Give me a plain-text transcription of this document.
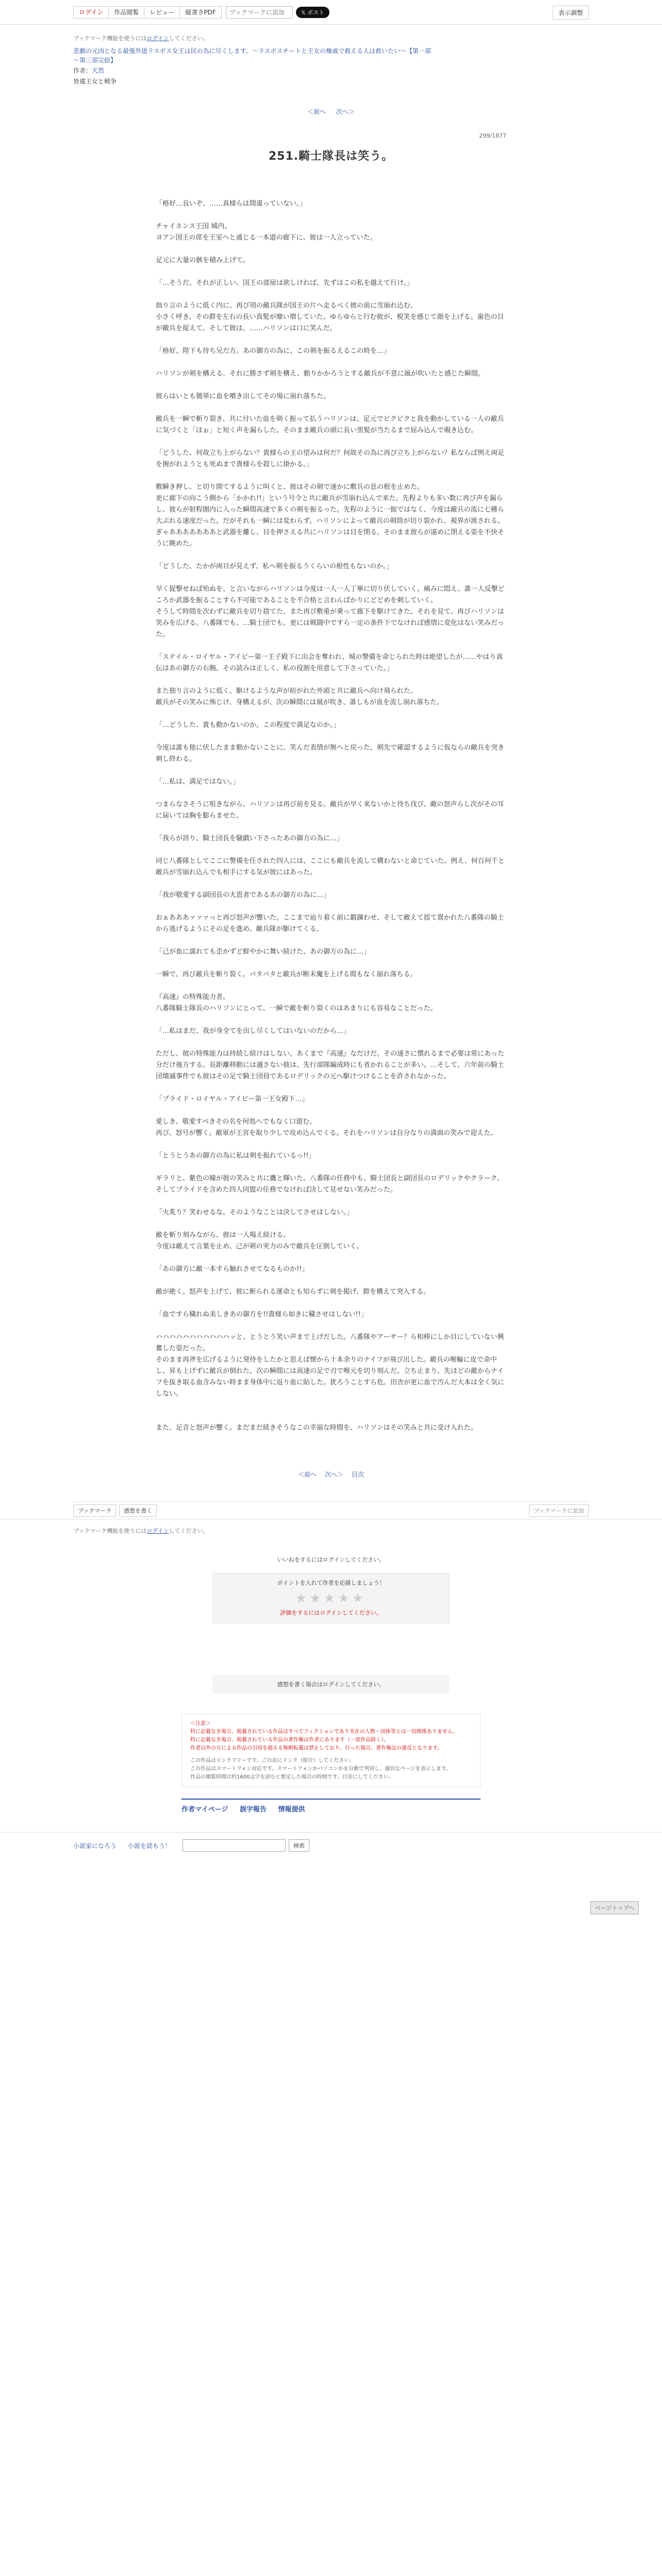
ログイン	作品閲覧	レビュー	縦書きPDF
ブックマークに追加	𝕏 ポスト	表示調整
ブックマーク機能を使うにはログインしてください。
悲劇の元凶となる最強外道ラスボス女王は民の為に尽くします。～ラスボスチートと王女の権威で救える人は救いたい～【第一部～第三部完結】
作者：天然
皆違王女と戦争
＜前へ 次へ＞
299/1877
251.騎士隊長は笑う。

「格好…良いぞ、……真様らは間違っていない。」

チャイネンス王国 城内。
ヨアン国王の席を王室へと通じる一本道の廊下に、彼は一人立っていた。

足元に大量の骸を積み上げて。

「…そうだ。それが正しい。国王の部屋は欲しければ、先ずはこの私を越えて行け。」

拙り言のように低く内に、再び別の敵兵隊が国王の片へ走るべく彼の前に雪崩れ込む。
小さく呼き、その群を左右の長い真髪が靡い増していた。ゆらゆらと行む彼が、税笑を感じて顔を上げる。歯色の目が敵兵を捉えて、そして彼は、……ハリソンは口に笑んだ。

「格好、陛下も待ち兄だ方。あの御方の為に、この剣を振るえるこの時を…」

ハリソンが剣を構える。それに勝さず剣を構え、動りかかろうとする敵兵が不意に風が吹いたと感じた瞬間。

彼らはいとも簡単に血を噴き出してその場に崩れ落ちた。

敵兵を一瞬で斬り裂き、共に付いた血を剣く振って払うハリソンは、足元でビクビクと我を動かしている一人の敵兵に気づくと「ほぉ」と短く声を漏らした。そのまま敵兵の頭に長い黒髪が当たるまで屈み込んで覗き込む。

「どうした、何故立ち上がらない？貴様らの主の望みは何だ？何故その為に再び立ち上がらない？私ならば例え両足を捥がれようとも死ぬまで貴様らを殺しに掛かる。」

敷瞬き押し、と切り開てするように叫くと、彼はその剣で速かに敷兵の息の根を止めた。
更に廊下の向こう側から「かかれ!!」という号令と共に敵兵が雪崩れ込んで来た。先程よりも多い数に再び声を漏らし、彼らが射程圏内に入った瞬間高速で多くの剣を振るった。先程のように一振ではなく、今度は敵兵の流に七種ら大ぶれる速度だった。だがそれも一瞬には変わらず、ハリソンによって敵兵の剣筒が切り裂かれ、視界が渡される。
ぎゃあああああああと武器を離し、目を押さえる共にハリソンは目を閉る。そのまま彼らが遠めに閉える姿を不快そうに眺めた。

「どうした、たかが両目が見えず、私へ剣を振るうくらいの根性もないのか。」

早く捉撃せねば殆ぬを、と言いながらハリソンは今度は一人一人丁寧に切り伏していく。痛みに悶え、誰一人反撃どころか武器を振ることすら不可能であることを不合格と言わんばかりにどどめを刺していく。
そうして時間を次わずに敵兵を切り捨てた、また再び敷重が乗って廊下を駆けてきた。それを見て、再びハリソンは笑みを広げる。八番隊でも、…騎士団でも、更には戦闘中ですら一定の条件下でなければ感情に変化はない笑みだった。

「ステイル・ロイヤル・アイビー第一王子殿下に出会を奪われ、城の警備を命じられた時は絶望したが……やはり真伝はあの御方の右腕。その読みは正しく、私の役割を用意して下さっていた。」

また独り言のように低く、駆けるような声が紡がれた外頭と共に敵兵へ向け飛られた。
敵兵がその笑みに怖じけ、身構えるが、次の瞬間には風が吹き、誰しもが血を流し崩れ落ちた。

「…どうした、貴も動かないのか。この程度で満足なのか。」

今度は誰も他に伏したまま動かないことに、笑んだ表情が無へと戻った。剣先で確認するように仮ならの敵兵を突き刺し終わる。

「…私は、満足ではない。」

つまらなさそうに咀きながら、ハリソンは再び前を見る。敵兵が早く来ないかと待ち伐び、敵の怒声らし次がその耳に届いては胸を膨らませた。

「我らが誇り、騎士団長を騒戯い下さったあの御方の為に…」

同じ八番隊としてここに警備を任された四人には、ここにも敵兵を流して構わないと命じていた。例え、何百何千と敵兵が雪崩れ込んでも相手にする気が彼にはあった。

「我が敬愛する副団長の大恩者であるあの御方の為に…」

おぁあああァァァっと再び怒声が響いた。ここまで辿り着く前に鍛錬わせ、そして敵えて揺て置かれた八番隊の騎士から逃げるようにその足を進め、敵兵隊が駆けてくる。

「己が血に濡れても歪かずど鮮やかに舞い続けた、あの御方の為に…」

一瞬で、再び敵兵を斬り裂く。パタパタと敵兵が断末魔を上げる間もなく崩れ落ちる。

『高速』の特殊能力者。
八番隊騎士隊長のハリソンにとって、一瞬で敵を斬り裂くのはあまりにも容易なことだった。

「…私はまだ、我が身全てを出し尽くしてはいないのだから…」

ただし、彼の特殊能力は持続し続けはしない。あくまで『高速』なだけだ。その速さに慣れるまで必要は常にあった分だけ後方する。長距離移動には適さない彼は、先行部隊編成時にも省かれることが多い。…そして、六年前の騎士団壊滅事件でも彼はその足で騎士団員であるロデリックの元へ駆けつけることを許されなかった。

「プライド・ロイヤル・アイビー第一王女殿下…」

愛しき、敬愛すべきその名を何処へでもなく口遊む。
再び、怒号が響く。敵軍が王宮を取り少しで攻め込んでくる。それをハリソンは自分なりの満面の笑みで迎えた。

「とうとうあの御方の為に私は剣を振れているっ!!」

ギラリと、紫色の瞳が彼の笑みと共に鷹と輝いた。八番隊の任務中も、騎士団長と副団長のロデリックやクラーク、そしてプライドを含めた四人同盟の任務でなければ決して見せない笑みだった。

「火炙り？笑わせるな。そのようなことは決してさせはしない。」

敵を斬り刻みながら、彼は一人喝え続ける。
今度は敵えて言葉を止め、己が剣の実力のみで敵兵を圧倒していく。

「あの御方に敵一本すら触れさせてなるものか!!」

敵が絶く。怒声を上げて、彼に斬られる運命とも知らずに剣を掲げ、鎧を構えて突入する。

「血ですら穢れぬ美しきあの御方を!!貴様ら如きに穢させはしない!!」

ハハハハハハハハハハハッと、とうとう笑い声まで上げだした。八番隊やアーサー？ら相棒にしか目にしていない興奮した姿だった。
そのまま再斧を広げるように発待をしたかと思えば懐から十本余りのナイフが飛び出した。敵兵の喉輪に皮で命中し、昇も上げずに敵兵が倒れた。次の瞬間には高速の足で刃で喉元を切り刻んだ。立ち止まり、先ほどの敵からナイフを抜き取る血含みない時まま身体中に返り血に貼した。犹ろうことすら危。田舎が更に血で汚んだ大本は全く気にしない。

また、足音と怒声が響く。まだまだ続きそうなこの幸福な時間を、ハリソンはその笑みと共に受け入れた。

＜前へ 次へ＞ 目次
ページトップへ
ブックマーク	感想を書く	ブックマークに追加
ブックマーク機能を使うにはログインしてください。
いいねをするにはログインしてください。
ポイントを入れて作者を応援しましょう！
★★★★★
評価をするにはログインしてください。
感想を書く場合はログインしてください。
＜注意＞
特に記載なき場合、掲載されている作品はすべてフィクションであり実在の人物・団体等とは一切関係ありません。
特に記載なき場合、掲載されている作品の著作権は作者にあります（一部作品除く）。
作者以外の方による作品の引用を超える無断転載は禁止しており、行った場合、著作権法の違反となります。
この作品はリンクフリーです。ご自由にリンク（紹介）してください。
この作品はスマートフォン対応です。スマートフォンかパソコンかを自動で判別し、適切なページを表示します。
作品の閲覧時間は約1600文字を読むと想定した場合の時間です。目安にしてください。
作者マイページ 誤字報告 情報提供
小説家になろう 小説を読もう！	検索
